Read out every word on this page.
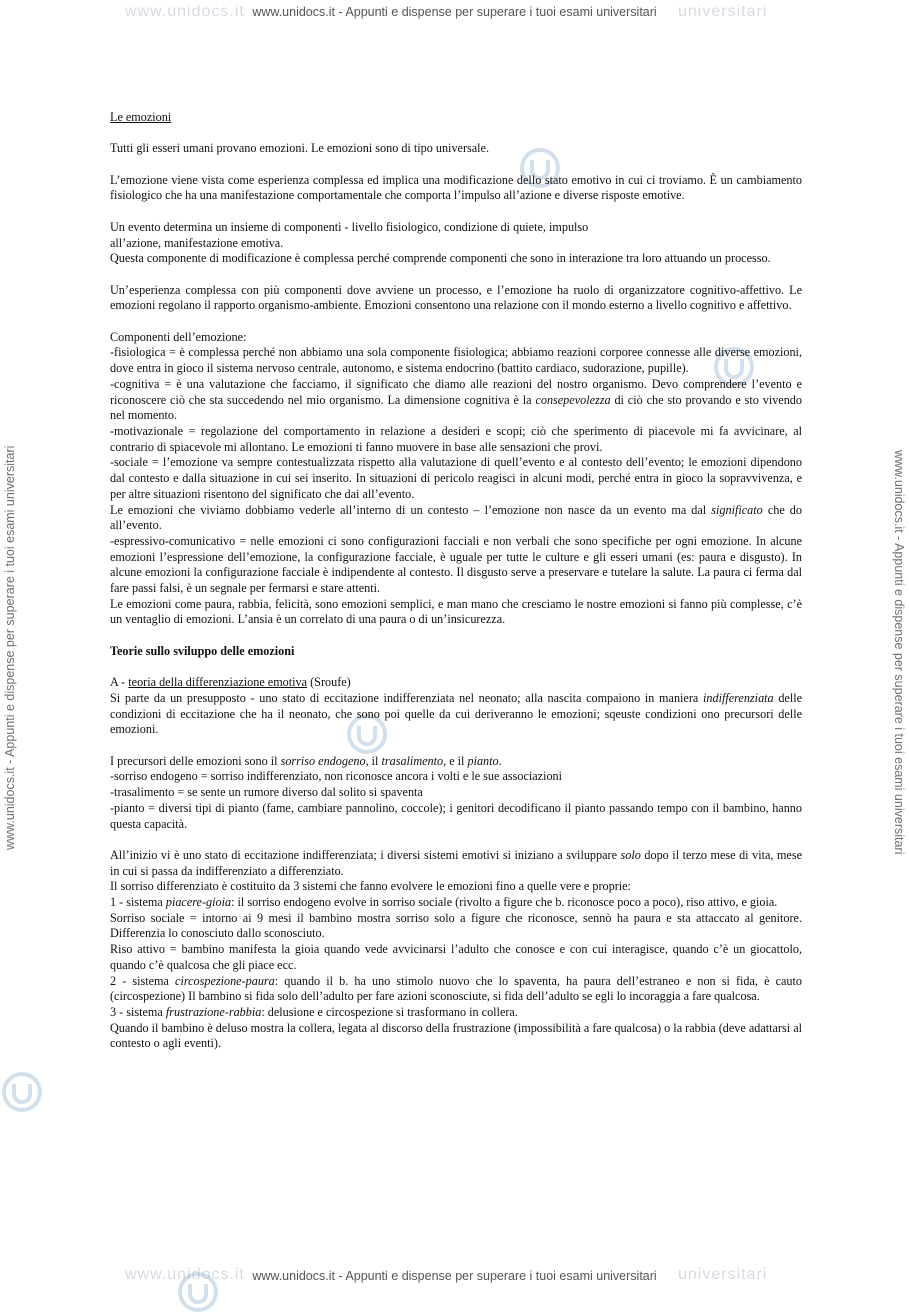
www.unidocs.it	universitari
www.unidocs.it - Appunti e dispense per superare i tuoi esami universitari
www.unidocs.it	universitari
www.unidocs.it - Appunti e dispense per superare i tuoi esami universitari
www.unidocs.it - Appunti e dispense per superare i tuoi esami universitari	www.unidocs.it - Appunti e dispense per superare i tuoi esami universitari

Le emozioni

Tutti gli esseri umani provano emozioni. Le emozioni sono di tipo universale.

L’emozione viene vista come esperienza complessa ed implica una modificazione dello stato emotivo in cui ci troviamo. È un cambiamento fisiologico che ha una manifestazione comportamentale che comporta l’impulso all’azione e diverse risposte emotive.

Un evento determina un insieme di componenti - livello fisiologico, condizione di quiete, impulso
all’azione, manifestazione emotiva.
Questa componente di modificazione è complessa perché comprende componenti che sono in interazione tra loro attuando un processo.

Un’esperienza complessa con più componenti dove avviene un processo, e l’emozione ha ruolo di organizzatore cognitivo-affettivo. Le emozioni regolano il rapporto organismo-ambiente. Emozioni consentono una relazione con il mondo esterno a livello cognitivo e affettivo.

Componenti dell’emozione:
-fisiologica = è complessa perché non abbiamo una sola componente fisiologica; abbiamo reazioni corporee connesse alle diverse emozioni, dove entra in gioco il sistema nervoso centrale, autonomo, e sistema endocrino (battito cardiaco, sudorazione, pupille).
-cognitiva = è una valutazione che facciamo, il significato che diamo alle reazioni del nostro organismo. Devo comprendere l’evento e riconoscere ciò che sta succedendo nel mio organismo. La dimensione cognitiva è la consepevolezza di ciò che sto provando e sto vivendo nel momento.
-motivazionale = regolazione del comportamento in relazione a desideri e scopi; ciò che sperimento di piacevole mi fa avvicinare, al contrario di spiacevole mi allontano. Le emozioni ti fanno muovere in base alle sensazioni che provi.
-sociale = l’emozione va sempre contestualizzata rispetto alla valutazione di quell’evento e al contesto dell’evento; le emozioni dipendono dal contesto e dalla situazione in cui sei inserito. In situazioni di pericolo reagisci in alcuni modi, perché entra in gioco la sopravvivenza, e per altre situazioni risentono del significato che dai all’evento.
Le emozioni che viviamo dobbiamo vederle all’interno di un contesto – l’emozione non nasce da un evento ma dal significato che do all’evento.
-espressivo-comunicativo = nelle emozioni ci sono configurazioni facciali e non verbali che sono specifiche per ogni emozione. In alcune emozioni l’espressione dell’emozione, la configurazione facciale, è uguale per tutte le culture e gli esseri umani (es: paura e disgusto). In alcune emozioni la configurazione facciale è indipendente al contesto. Il disgusto serve a preservare e tutelare la salute. La paura ci ferma dal fare passi falsi, è un segnale per fermarsi e stare attenti.
Le emozioni come paura, rabbia, felicità, sono emozioni semplici, e man mano che cresciamo le nostre emozioni si fanno più complesse, c’è un ventaglio di emozioni. L’ansia è un correlato di una paura o di un’insicurezza.

Teorie sullo sviluppo delle emozioni

A - teoria della differenziazione emotiva (Sroufe)
Si parte da un presupposto - uno stato di eccitazione indifferenziata nel neonato; alla nascita compaiono in maniera indifferenziata delle condizioni di eccitazione che ha il neonato, che sono poi quelle da cui deriveranno le emozioni; sqeuste condizioni ono precursori delle emozioni.

I precursori delle emozioni sono il sorriso endogeno, il trasalimento, e il pianto.
-sorriso endogeno = sorriso indifferenziato, non riconosce ancora i volti e le sue associazioni
-trasalimento = se sente un rumore diverso dal solito si spaventa
-pianto = diversi tipi di pianto (fame, cambiare pannolino, coccole); i genitori decodificano il pianto passando tempo con il bambino, hanno questa capacità.

All’inizio vi è uno stato di eccitazione indifferenziata; i diversi sistemi emotivi si iniziano a sviluppare solo dopo il terzo mese di vita, mese in cui si passa da indifferenziato a differenziato.
Il sorriso differenziato è costituito da 3 sistemi che fanno evolvere le emozioni fino a quelle vere e proprie:
1 - sistema piacere-gioia: il sorriso endogeno evolve in sorriso sociale (rivolto a figure che b. riconosce poco a poco), riso attivo, e gioia.
Sorriso sociale = intorno ai 9 mesi il bambino mostra sorriso solo a figure che riconosce, sennò ha paura e sta attaccato al genitore. Differenzia lo conosciuto dallo sconosciuto.
Riso attivo = bambino manifesta la gioia quando vede avvicinarsi l’adulto che conosce e con cui interagisce, quando c’è un giocattolo, quando c’è qualcosa che gli piace ecc.
2 - sistema circospezione-paura: quando il b. ha uno stimolo nuovo che lo spaventa, ha paura dell’estraneo e non si fida, è cauto (circospezione) Il bambino si fida solo dell’adulto per fare azioni sconosciute, si fida dell’adulto se egli lo incoraggia a fare qualcosa.
3 - sistema frustrazione-rabbia: delusione e circospezione si trasformano in collera.
Quando il bambino è deluso mostra la collera, legata al discorso della frustrazione (impossibilità a fare qualcosa) o la rabbia (deve adattarsi al contesto o agli eventi).
